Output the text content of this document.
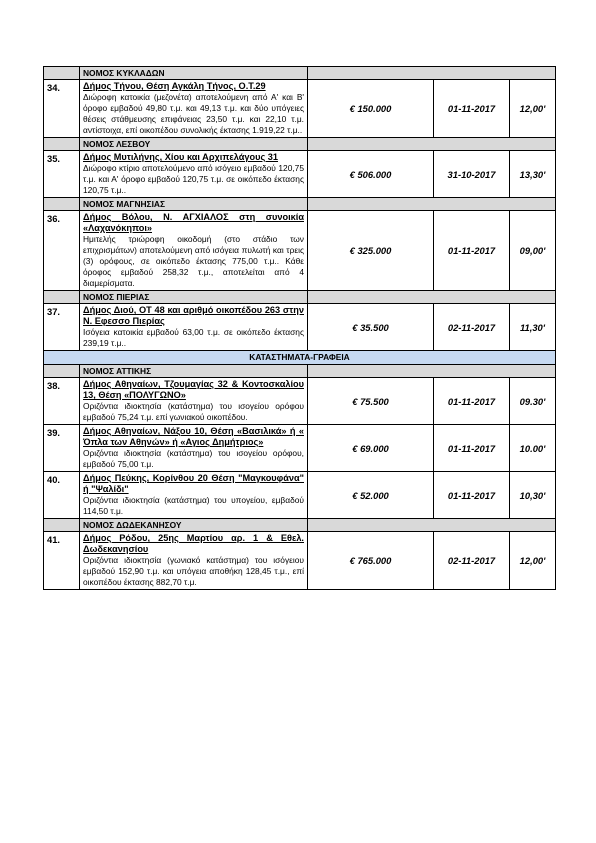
	ΝΟΜΟΣ ΚΥΚΛΑΔΩΝ			
34.	Δήμος Τήνου, Θέση Αγκάλη Τήνος, Ο.Τ.29
Διώροφη κατοικία (μεζονέτα) αποτελούμενη από Α' και Β' όροφο εμβαδού 49,80 τ.μ. και 49,13 τ.μ. και δύο υπόγειες θέσεις στάθμευσης επιφάνειας 23,50 τ.μ. και 22,10 τ.μ. αντίστοιχα, επί οικοπέδου συνολικής έκτασης 1.919,22 τ.μ..	€ 150.000	01-11-2017	12,00'
	ΝΟΜΟΣ ΛΕΣΒΟΥ			
35.	Δήμος Μυτιλήνης, Χίου και Αρχιπελάγους 31
Διώροφο κτίριο αποτελούμενο από ισόγειο εμβαδού 120,75 τ.μ. και Α' όροφο εμβαδού 120,75 τ.μ. σε οικόπεδο έκτασης 120,75 τ.μ..	€ 506.000	31-10-2017	13,30'
	ΝΟΜΟΣ ΜΑΓΝΗΣΙΑΣ			
36.	Δήμος Βόλου, Ν. ΑΓΧΙΑΛΟΣ στη συνοικία «Λαχανόκηποι»
Ημιτελής τριώροφη οικοδομή (στο στάδιο των επιχρισμάτων) αποτελούμενη από ισόγεια πυλωτή και τρεις (3) ορόφους, σε οικόπεδο έκτασης 775,00 τ.μ.. Κάθε όροφος εμβαδού 258,32 τ.μ., αποτελείται από 4 διαμερίσματα.	€ 325.000	01-11-2017	09,00'
	ΝΟΜΟΣ ΠΙΕΡΙΑΣ			
37.	Δήμος Διού, ΟΤ 48 και αριθμό οικοπέδου 263 στην Ν. Εφεσσο Πιερίας
Ισόγεια κατοικία εμβαδού 63,00 τ.μ. σε οικόπεδο έκτασης 239,19 τ.μ..	€ 35.500	02-11-2017	11,30'
ΚΑΤΑΣΤΗΜΑΤΑ-ΓΡΑΦΕΙΑ				
	ΝΟΜΟΣ ΑΤΤΙΚΗΣ			
38.	Δήμος Αθηναίων, Τζουμαγίας 32 & Κοντοσκαλίου 13, Θέση «ΠΟΛΥΓΩΝΟ»
Οριζόντια ιδιοκτησία (κατάστημα) του ισογείου ορόφου εμβαδού 75,24 τ.μ. επί γωνιακού οικοπέδου.	€ 75.500	01-11-2017	09.30'
39.	Δήμος Αθηναίων, Νάξου 10, Θέση «Βασιλικά» ή « Όπλα των Αθηνών» ή «Αγιος Δημήτριος»
Οριζόντια ιδιοκτησία (κατάστημα) του ισογείου ορόφου, εμβαδού 75,00 τ.μ.	€ 69.000	01-11-2017	10.00'
40.	Δήμος Πεύκης, Κορίνθου 20 Θέση "Μαγκουφάνα" ή "Ψαλίδι"
Οριζόντια ιδιοκτησία (κατάστημα) του υπογείου, εμβαδού 114,50 τ.μ.	€ 52.000	01-11-2017	10,30'
	ΝΟΜΟΣ ΔΩΔΕΚΑΝΗΣΟΥ			
41.	Δήμος Ρόδου, 25ης Μαρτίου αρ. 1 & Εθελ. Δωδεκανησίου
Οριζόντια ιδιοκτησία (γωνιακό κατάστημα) του ισόγειου εμβαδού 152,90 τ.μ. και υπόγεια αποθήκη 128,45 τ.μ., επί οικοπέδου έκτασης 882,70 τ.μ.	€ 765.000	02-11-2017	12,00'
